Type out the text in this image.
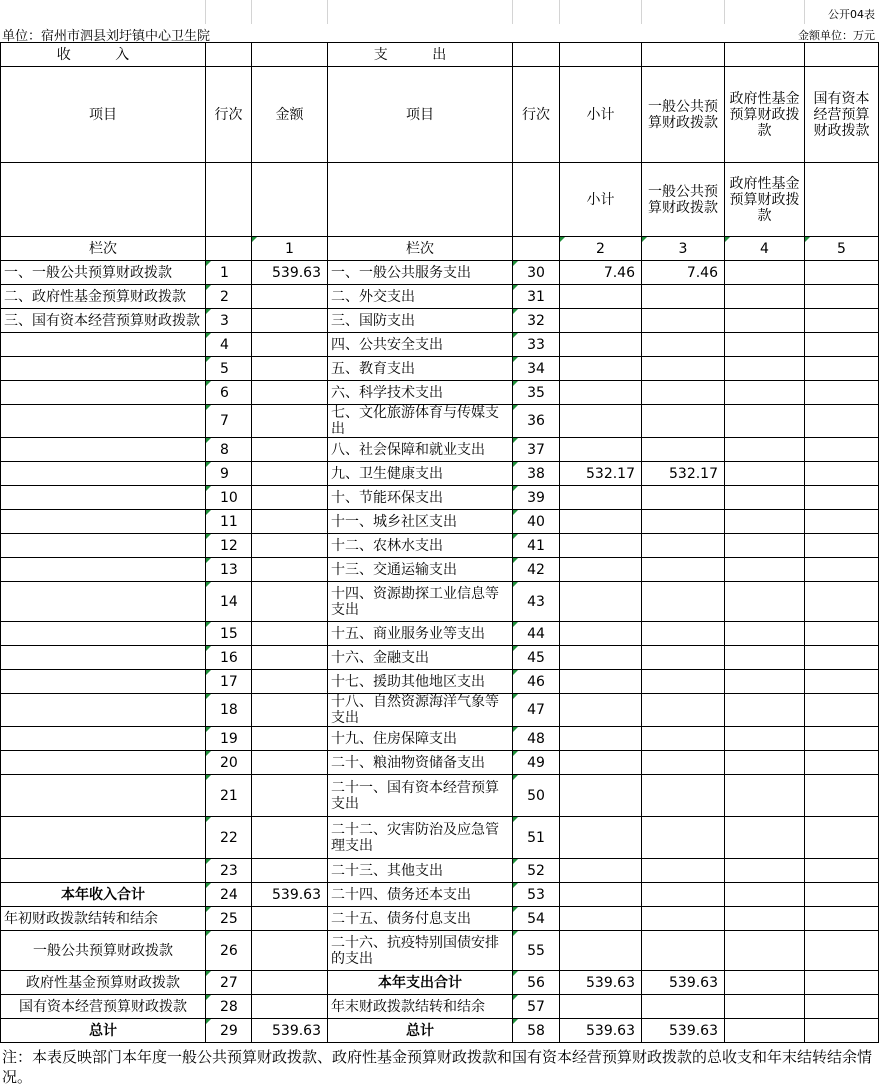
公开04表
单位：宿州市泗县刘圩镇中心卫生院	金额单位：万元
收 入			支 出					
项目	行次	金额	项目	行次	小计	一般公共预算财政拨款	政府性基金预算财政拨款	国有资本经营预算财政拨款
					小计	一般公共预算财政拨款	政府性基金预算财政拨款	
栏次		1	栏次		2	3	4	5
一、一般公共预算财政拨款	1	539.63	一、一般公共服务支出	30	7.46	7.46		
二、政府性基金预算财政拨款	2		二、外交支出	31				
三、国有资本经营预算财政拨款	3		三、国防支出	32				
	4		四、公共安全支出	33				
	5		五、教育支出	34				
	6		六、科学技术支出	35				
	7		七、文化旅游体育与传媒支出	36				
	8		八、社会保障和就业支出	37				
	9		九、卫生健康支出	38	532.17	532.17		
	10		十、节能环保支出	39				
	11		十一、城乡社区支出	40				
	12		十二、农林水支出	41				
	13		十三、交通运输支出	42				
	14		十四、资源勘探工业信息等支出	43				
	15		十五、商业服务业等支出	44				
	16		十六、金融支出	45				
	17		十七、援助其他地区支出	46				
	18		十八、自然资源海洋气象等支出	47				
	19		十九、住房保障支出	48				
	20		二十、粮油物资储备支出	49				
	21		二十一、国有资本经营预算支出	50				
	22		二十二、灾害防治及应急管理支出	51				
	23		二十三、其他支出	52				
本年收入合计	24	539.63	二十四、债务还本支出	53				
年初财政拨款结转和结余	25		二十五、债务付息支出	54				
一般公共预算财政拨款	26		二十六、抗疫特别国债安排的支出	55				
政府性基金预算财政拨款	27		本年支出合计	56	539.63	539.63		
国有资本经营预算财政拨款	28		年末财政拨款结转和结余	57				
总计	29	539.63	总计	58	539.63	539.63		
注：本表反映部门本年度一般公共预算财政拨款、政府性基金预算财政拨款和国有资本经营预算财政拨款的总收支和年末结转结余情况。
